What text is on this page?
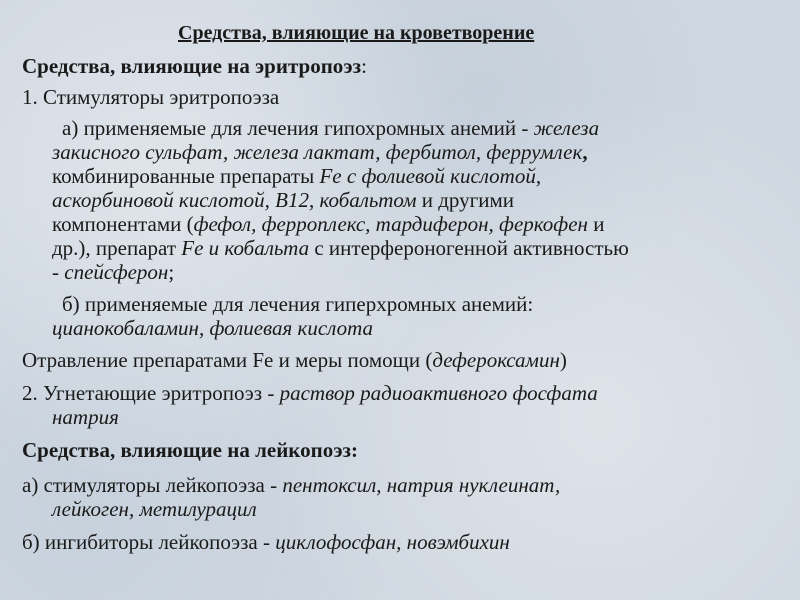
Средства, влияющие на кроветворение
Средства, влияющие на эритропоэз:
1. Стимуляторы эритропоэза
а) применяемые для лечения гипохромных анемий - железа
закисного сульфат, железа лактат, фербитол, феррумлек,
комбинированные препараты Fe с фолиевой кислотой,
аскорбиновой кислотой, B12, кобальтом и другими
компонентами (фефол, ферроплекс, тардиферон, феркофен и
др.), препарат Fe и кобальта с интерфероногенной активностью
- спейсферон;
б) применяемые для лечения гиперхромных анемий:
цианокобаламин, фолиевая кислота
Отравление препаратами Fe и меры помощи (дефероксамин)
2. Угнетающие эритропоэз - раствор радиоактивного фосфата
натрия
Средства, влияющие на лейкопоэз:
а) стимуляторы лейкопоэза - пентоксил, натрия нуклеинат,
лейкоген, метилурацил
б) ингибиторы лейкопоэза - циклофосфан, новэмбихин
